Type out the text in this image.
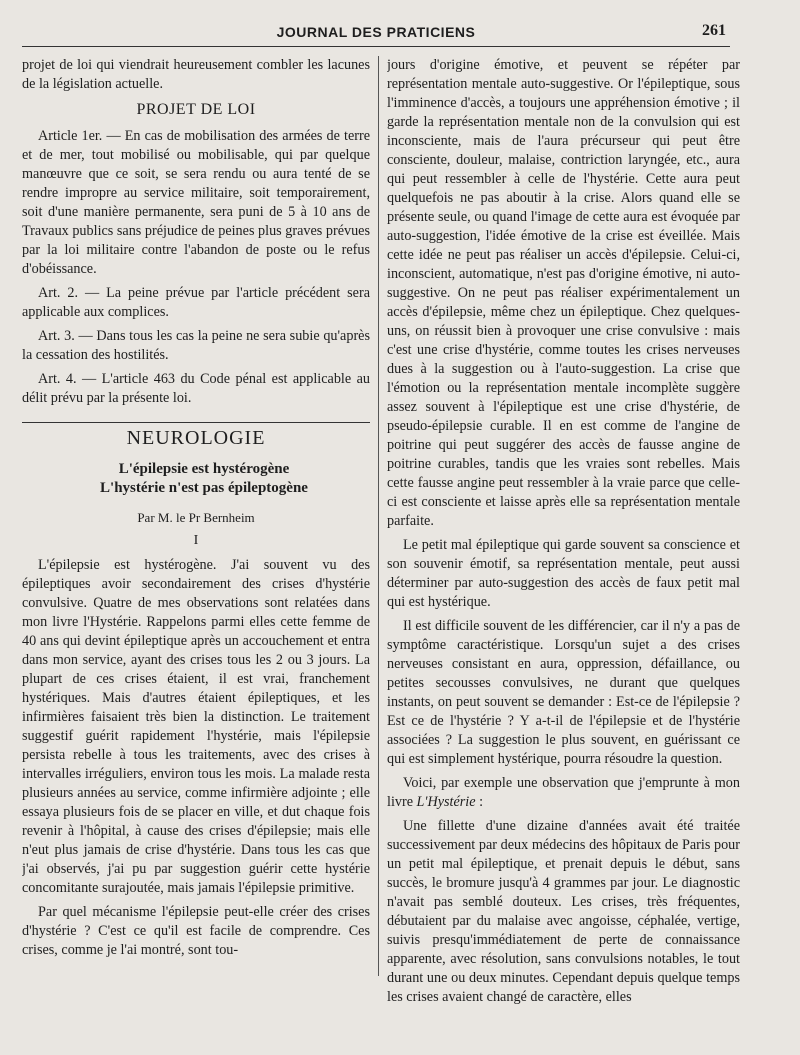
JOURNAL DES PRATICIENS	261

projet de loi qui viendrait heureusement combler les lacunes de la législation actuelle.

PROJET DE LOI

Article 1er. — En cas de mobilisation des armées de terre et de mer, tout mobilisé ou mobilisable, qui par quelque manœuvre que ce soit, se sera rendu ou aura tenté de se rendre impropre au service militaire, soit temporairement, soit d'une manière permanente, sera puni de 5 à 10 ans de Travaux publics sans préjudice de peines plus graves prévues par la loi militaire contre l'abandon de poste ou le refus d'obéissance.

Art. 2. — La peine prévue par l'article précédent sera applicable aux complices.

Art. 3. — Dans tous les cas la peine ne sera subie qu'après la cessation des hostilités.

Art. 4. — L'article 463 du Code pénal est applicable au délit prévu par la présente loi.

NEUROLOGIE

L'épilepsie est hystérogène

L'hystérie n'est pas épileptogène

Par M. le Pr Bernheim
I

L'épilepsie est hystérogène. J'ai souvent vu des épileptiques avoir secondairement des crises d'hystérie convulsive. Quatre de mes observations sont relatées dans mon livre l'Hystérie. Rappelons parmi elles cette femme de 40 ans qui devint épileptique après un accouchement et entra dans mon service, ayant des crises tous les 2 ou 3 jours. La plupart de ces crises étaient, il est vrai, franchement hystériques. Mais d'autres étaient épileptiques, et les infirmières faisaient très bien la distinction. Le traitement suggestif guérit rapidement l'hystérie, mais l'épilepsie persista rebelle à tous les traitements, avec des crises à intervalles irréguliers, environ tous les mois. La malade resta plusieurs années au service, comme infirmière adjointe ; elle essaya plusieurs fois de se placer en ville, et dut chaque fois revenir à l'hôpital, à cause des crises d'épilepsie; mais elle n'eut plus jamais de crise d'hystérie. Dans tous les cas que j'ai observés, j'ai pu par suggestion guérir cette hystérie concomitante surajoutée, mais jamais l'épilepsie primitive.

Par quel mécanisme l'épilepsie peut-elle créer des crises d'hystérie ? C'est ce qu'il est facile de comprendre. Ces crises, comme je l'ai montré, sont tou-

jours d'origine émotive, et peuvent se répéter par représentation mentale auto-suggestive. Or l'épileptique, sous l'imminence d'accès, a toujours une appréhension émotive ; il garde la représentation mentale non de la convulsion qui est inconsciente, mais de l'aura précurseur qui peut être consciente, douleur, malaise, contriction laryngée, etc., aura qui peut ressembler à celle de l'hystérie. Cette aura peut quelquefois ne pas aboutir à la crise. Alors quand elle se présente seule, ou quand l'image de cette aura est évoquée par auto-suggestion, l'idée émotive de la crise est éveillée. Mais cette idée ne peut pas réaliser un accès d'épilepsie. Celui-ci, inconscient, automatique, n'est pas d'origine émotive, ni auto-suggestive. On ne peut pas réaliser expérimentalement un accès d'épilepsie, même chez un épileptique. Chez quelques-uns, on réussit bien à provoquer une crise convulsive : mais c'est une crise d'hystérie, comme toutes les crises nerveuses dues à la suggestion ou à l'auto-suggestion. La crise que l'émotion ou la représentation mentale incomplète suggère assez souvent à l'épileptique est une crise d'hystérie, de pseudo-épilepsie curable. Il en est comme de l'angine de poitrine qui peut suggérer des accès de fausse angine de poitrine curables, tandis que les vraies sont rebelles. Mais cette fausse angine peut ressembler à la vraie parce que celle-ci est consciente et laisse après elle sa représentation mentale parfaite.

Le petit mal épileptique qui garde souvent sa conscience et son souvenir émotif, sa représentation mentale, peut aussi déterminer par auto-suggestion des accès de faux petit mal qui est hystérique.

Il est difficile souvent de les différencier, car il n'y a pas de symptôme caractéristique. Lorsqu'un sujet a des crises nerveuses consistant en aura, oppression, défaillance, ou petites secousses convulsives, ne durant que quelques instants, on peut souvent se demander : Est-ce de l'épilepsie ? Est ce de l'hystérie ? Y a-t-il de l'épilepsie et de l'hystérie associées ? La suggestion le plus souvent, en guérissant ce qui est simplement hystérique, pourra résoudre la question.

Voici, par exemple une observation que j'emprunte à mon livre L'Hystérie :

Une fillette d'une dizaine d'années avait été traitée successivement par deux médecins des hôpitaux de Paris pour un petit mal épileptique, et prenait depuis le début, sans succès, le bromure jusqu'à 4 grammes par jour. Le diagnostic n'avait pas semblé douteux. Les crises, très fréquentes, débutaient par du malaise avec angoisse, céphalée, vertige, suivis presqu'immédiatement de perte de connaissance apparente, avec résolution, sans convulsions notables, le tout durant une ou deux minutes. Cependant depuis quelque temps les crises avaient changé de caractère, elles
